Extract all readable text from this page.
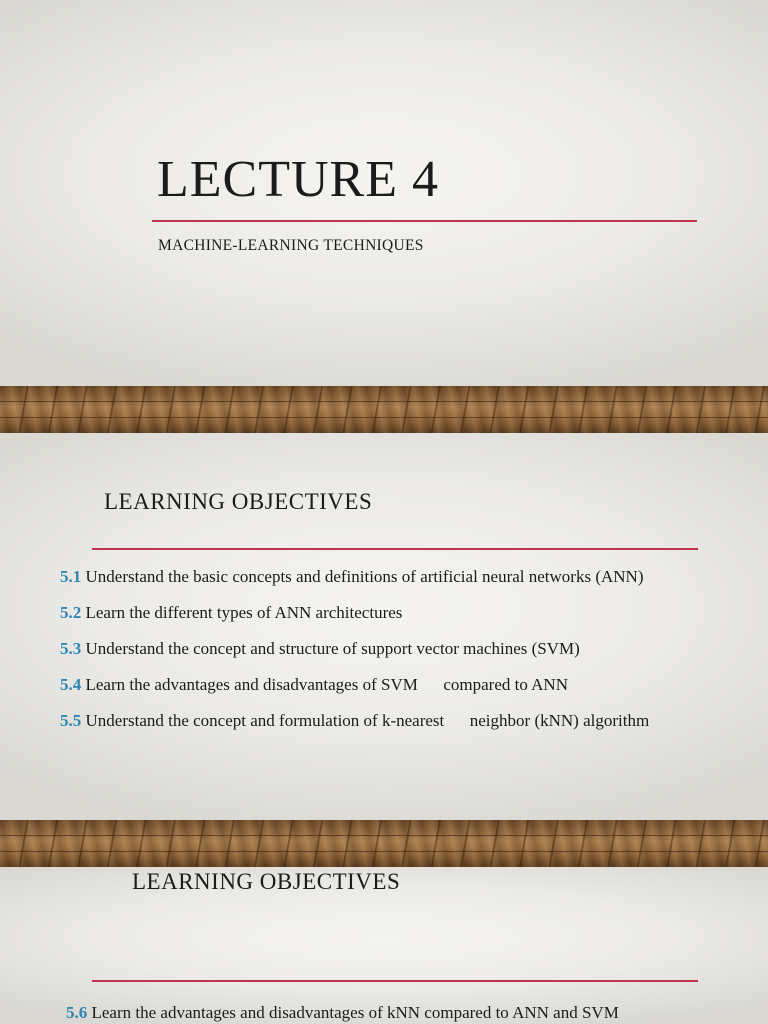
LECTURE 4

MACHINE-LEARNING TECHNIQUES

LEARNING OBJECTIVES
5.1 Understand the basic concepts and definitions of artificial neural networks (ANN)
5.2 Learn the different types of ANN architectures
5.3 Understand the concept and structure of support vector machines (SVM)
5.4 Learn the advantages and disadvantages of SVM      compared to ANN
5.5 Understand the concept and formulation of k-nearest      neighbor (kNN) algorithm
LEARNING OBJECTIVES
5.6 Learn the advantages and disadvantages of kNN compared to ANN and SVM
